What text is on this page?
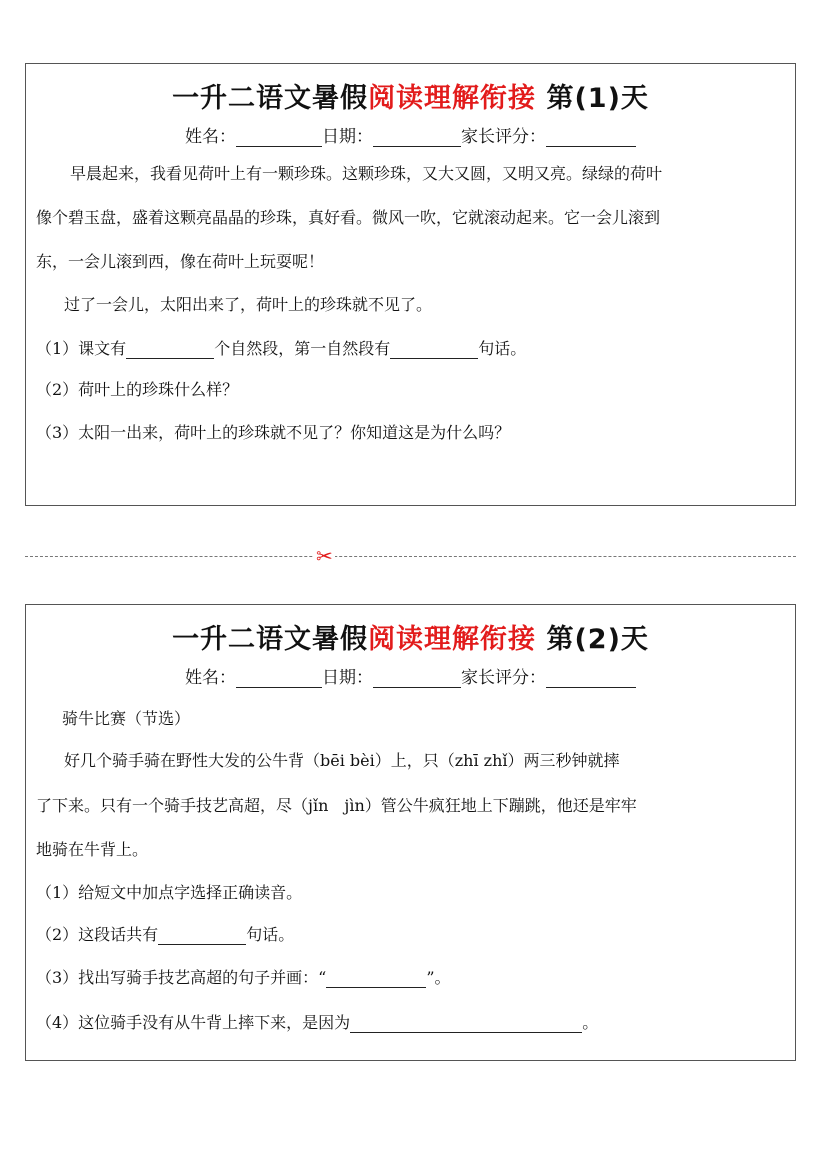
一升二语文暑假阅读理解衔接 第(1)天
姓名：	日期：	家长评分：
早晨起来，我看见荷叶上有一颗珍珠。这颗珍珠，又大又圆，又明又亮。绿绿的荷叶
像个碧玉盘，盛着这颗亮晶晶的珍珠，真好看。微风一吹，它就滚动起来。它一会儿滚到
东，一会儿滚到西，像在荷叶上玩耍呢！
过了一会儿，太阳出来了，荷叶上的珍珠就不见了。
（1）课文有	个自然段，第一自然段有	句话。
（2）荷叶上的珍珠什么样？
（3）太阳一出来，荷叶上的珍珠就不见了？你知道这是为什么吗？
✂
一升二语文暑假阅读理解衔接 第(2)天
姓名：	日期：	家长评分：
骑牛比赛（节选）
好几个骑手骑在野性大发的公牛背（bēi bèi）上，只（zhī zhǐ）两三秒钟就摔
了下来。只有一个骑手技艺高超，尽（jǐn　jìn）管公牛疯狂地上下蹦跳，他还是牢牢
地骑在牛背上。
（1）给短文中加点字选择正确读音。
（2）这段话共有	句话。
（3）找出写骑手技艺高超的句子并画：“	”。
（4）这位骑手没有从牛背上摔下来，是因为	。
